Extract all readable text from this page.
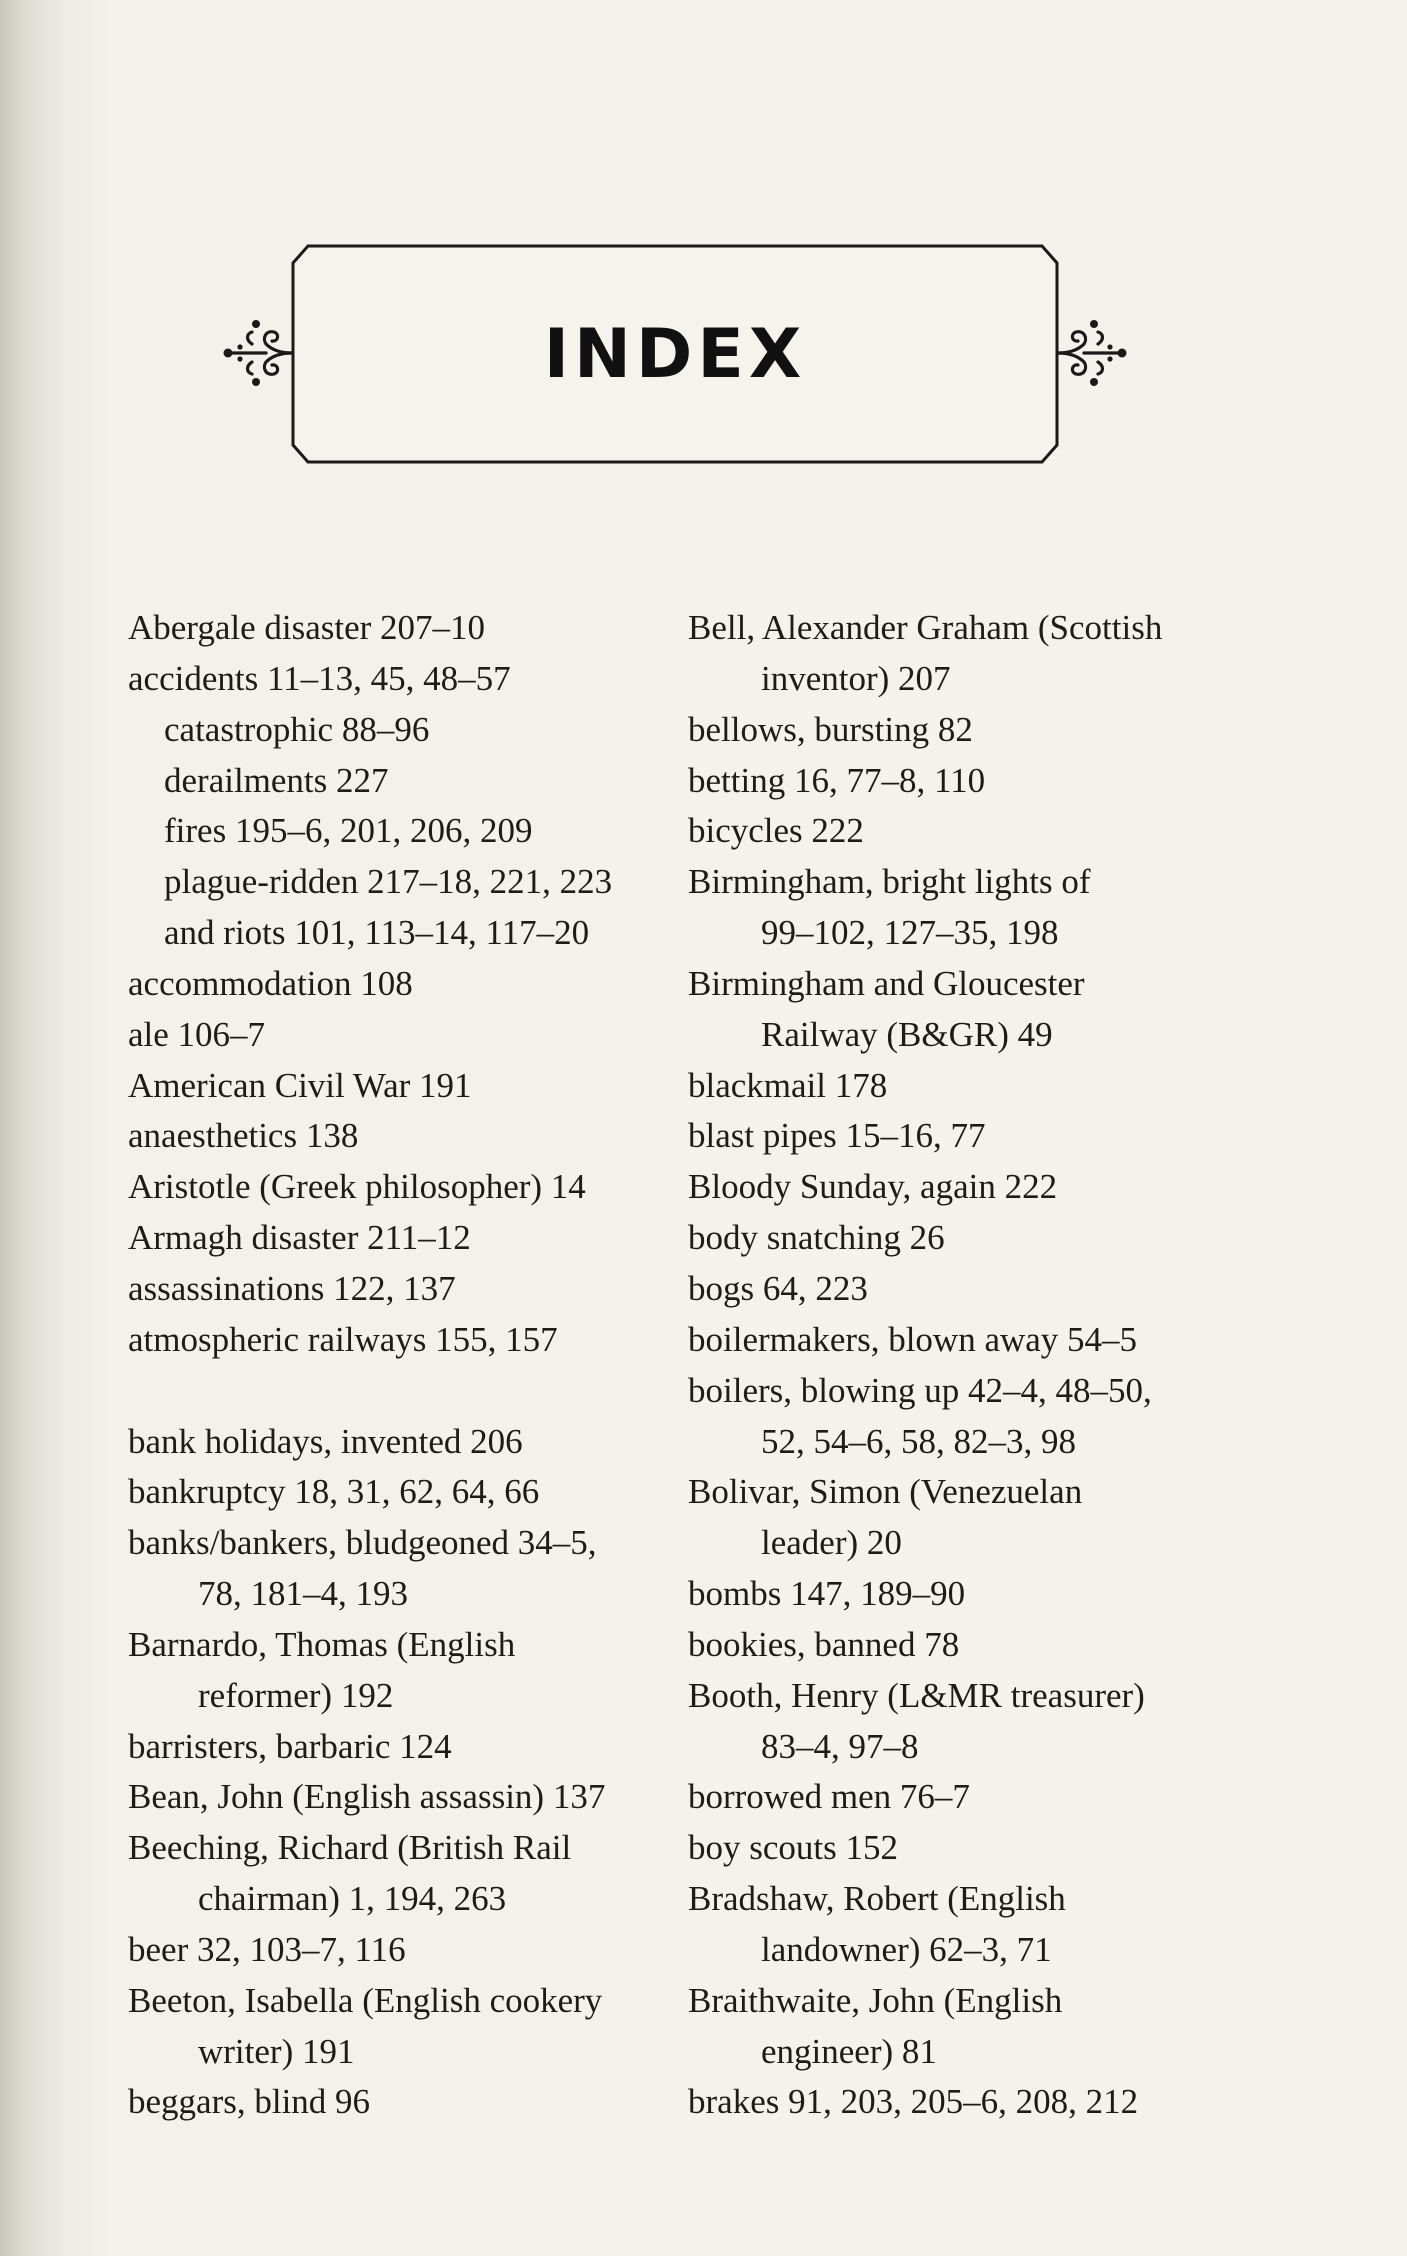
INDEX
Abergale disaster 207–10
accidents 11–13, 45, 48–57
catastrophic 88–96
derailments 227
fires 195–6, 201, 206, 209
plague-ridden 217–18, 221, 223
and riots 101, 113–14, 117–20
accommodation 108
ale 106–7
American Civil War 191
anaesthetics 138
Aristotle (Greek philosopher) 14
Armagh disaster 211–12
assassinations 122, 137
atmospheric railways 155, 157
bank holidays, invented 206
bankruptcy 18, 31, 62, 64, 66
banks/bankers, bludgeoned 34–5,
78, 181–4, 193
Barnardo, Thomas (English
reformer) 192
barristers, barbaric 124
Bean, John (English assassin) 137
Beeching, Richard (British Rail
chairman) 1, 194, 263
beer 32, 103–7, 116
Beeton, Isabella (English cookery
writer) 191
beggars, blind 96
Bell, Alexander Graham (Scottish
inventor) 207
bellows, bursting 82
betting 16, 77–8, 110
bicycles 222
Birmingham, bright lights of
99–102, 127–35, 198
Birmingham and Gloucester
Railway (B&GR) 49
blackmail 178
blast pipes 15–16, 77
Bloody Sunday, again 222
body snatching 26
bogs 64, 223
boilermakers, blown away 54–5
boilers, blowing up 42–4, 48–50,
52, 54–6, 58, 82–3, 98
Bolivar, Simon (Venezuelan
leader) 20
bombs 147, 189–90
bookies, banned 78
Booth, Henry (L&MR treasurer)
83–4, 97–8
borrowed men 76–7
boy scouts 152
Bradshaw, Robert (English
landowner) 62–3, 71
Braithwaite, John (English
engineer) 81
brakes 91, 203, 205–6, 208, 212
